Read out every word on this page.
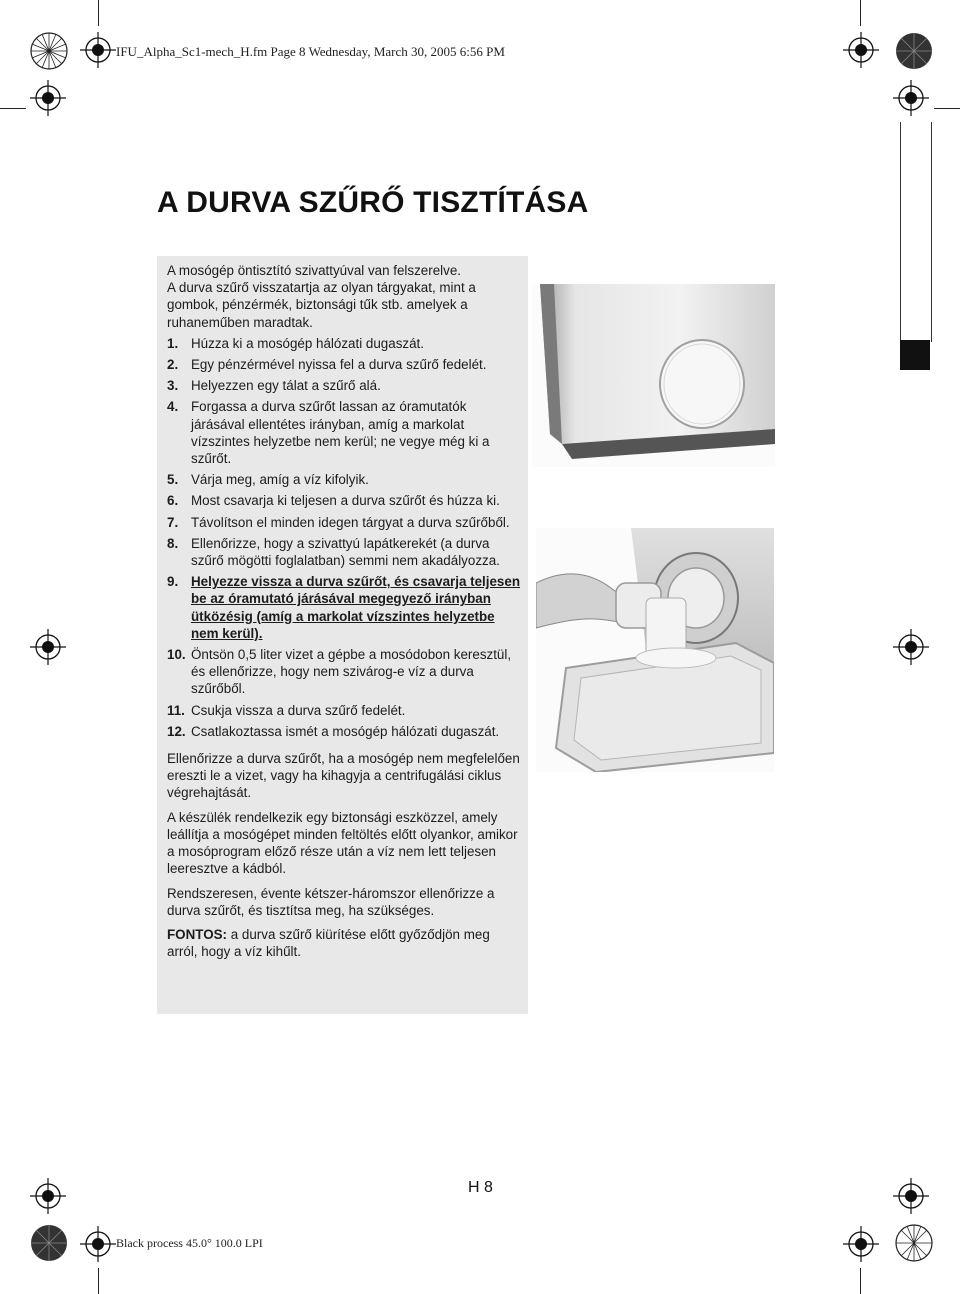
IFU_Alpha_Sc1-mech_H.fm Page 8 Wednesday, March 30, 2005 6:56 PM
A DURVA SZŰRŐ TISZTÍTÁSA

A mosógép öntisztító szivattyúval van felszerelve.
A durva szűrő visszatartja az olyan tárgyakat, mint a gombok, pénzérmék, biztonsági tűk stb. amelyek a ruhaneműben maradtak.

1. Húzza ki a mosógép hálózati dugaszát.
2. Egy pénzérmével nyissa fel a durva szűrő fedelét.
3. Helyezzen egy tálat a szűrő alá.
4. Forgassa a durva szűrőt lassan az óramutatók járásával ellentétes irányban, amíg a markolat vízszintes helyzetbe nem kerül; ne vegye még ki a szűrőt.
5. Várja meg, amíg a víz kifolyik.
6. Most csavarja ki teljesen a durva szűrőt és húzza ki.
7. Távolítson el minden idegen tárgyat a durva szűrőből.
8. Ellenőrizze, hogy a szivattyú lapátkerekét (a durva szűrő mögötti foglalatban) semmi nem akadályozza.
9. Helyezze vissza a durva szűrőt, és csavarja teljesen be az óramutató járásával megegyező irányban ütközésig (amíg a markolat vízszintes helyzetbe nem kerül).
10. Öntsön 0,5 liter vizet a gépbe a mosódobon keresztül, és ellenőrizze, hogy nem szivárog-e víz a durva szűrőből.
11. Csukja vissza a durva szűrő fedelét.
12. Csatlakoztassa ismét a mosógép hálózati dugaszát.

Ellenőrizze a durva szűrőt, ha a mosógép nem megfelelően ereszti le a vizet, vagy ha kihagyja a centrifugálási ciklus végrehajtását.

A készülék rendelkezik egy biztonsági eszközzel, amely leállítja a mosógépet minden feltöltés előtt olyankor, amikor a mosóprogram előző része után a víz nem lett teljesen leeresztve a kádból.

Rendszeresen, évente kétszer-háromszor ellenőrizze a durva szűrőt, és tisztítsa meg, ha szükséges.

FONTOS: a durva szűrő kiürítése előtt győződjön meg arról, hogy a víz kihűlt.

H 8
Black process 45.0° 100.0 LPI
